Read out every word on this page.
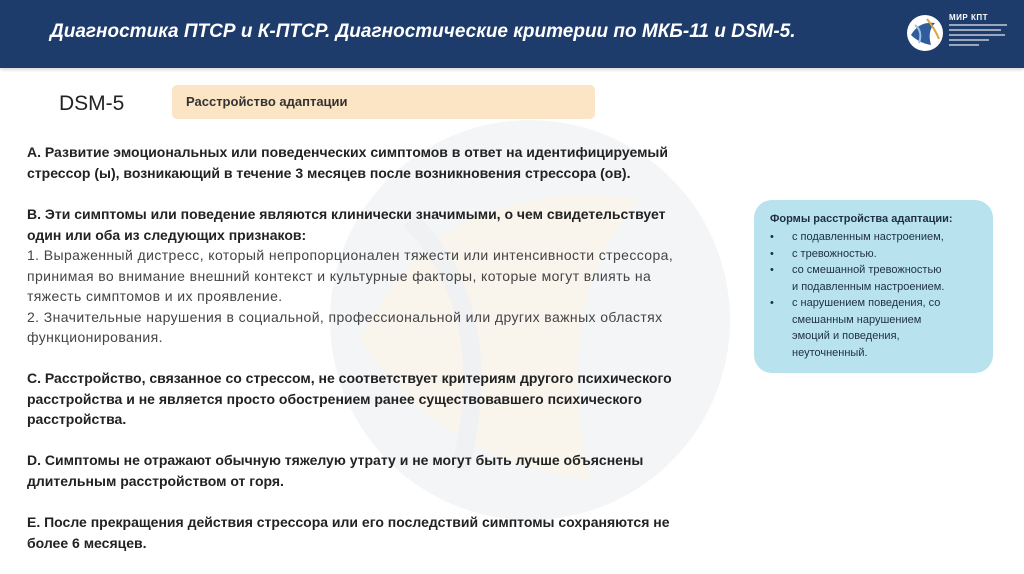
Диагностика ПТСР и К-ПТСР. Диагностические критерии по МКБ-11 и DSM-5.
МИР КПТ
DSM-5	Расстройство адаптации
А. Развитие эмоциональных или поведенческих симптомов в ответ на идентифицируемый
стрессор (ы), возникающий в течение 3 месяцев после возникновения стрессора (ов).
В. Эти симптомы или поведение являются клинически значимыми, о чем свидетельствует
один или оба из следующих признаков:
1. Выраженный дистресс, который непропорционален тяжести или интенсивности стрессора,
принимая во внимание внешний контекст и культурные факторы, которые могут влиять на
тяжесть симптомов и их проявление.
2. Значительные нарушения в социальной, профессиональной или других важных областях
функционирования.
С. Расстройство, связанное со стрессом, не соответствует критериям другого психического
расстройства и не является просто обострением ранее существовавшего психического
расстройства.
D. Симптомы не отражают обычную тяжелую утрату и не могут быть лучше объяснены
длительным расстройством от горя.
Е. После прекращения действия стрессора или его последствий симптомы сохраняются не
более 6 месяцев.
Формы расстройства адаптации:
• с подавленным настроением,
• с тревожностью.
• со смешанной тревожностью
и подавленным настроением.
• с нарушением поведения, со
смешанным нарушением
эмоций и поведения,
неуточненный.
